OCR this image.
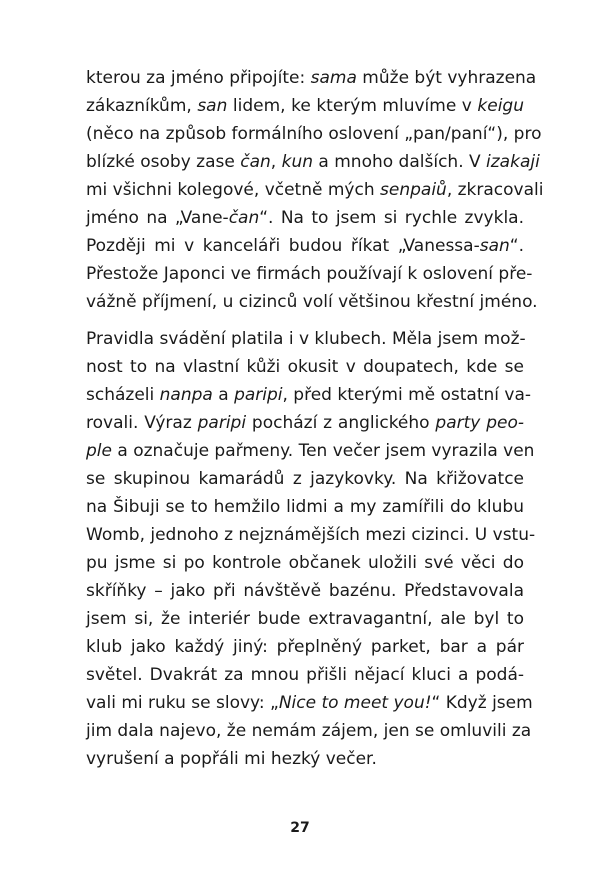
kterou za jméno připojíte: sama může být vyhrazena
zákazníkům, san lidem, ke kterým mluvíme v keigu
(něco na způsob formálního oslovení „pan/paní“), pro
blízké osoby zase čan, kun a mnoho dalších. V izakaji
mi všichni kolegové, včetně mých senpaiů, zkracovali
jméno na „Vane-čan“. Na to jsem si rychle zvykla.
Později mi v kanceláři budou říkat „Vanessa-san“.
Přestože Japonci ve firmách používají k oslovení pře-
vážně příjmení, u cizinců volí většinou křestní jméno.
Pravidla svádění platila i v klubech. Měla jsem mož-
nost to na vlastní kůži okusit v doupatech, kde se
scházeli nanpa a paripi, před kterými mě ostatní va-
rovali. Výraz paripi pochází z anglického party peo-
ple a označuje pařmeny. Ten večer jsem vyrazila ven
se skupinou kamarádů z jazykovky. Na křižovatce
na Šibuji se to hemžilo lidmi a my zamířili do klubu
Womb, jednoho z nejznámějších mezi cizinci. U vstu-
pu jsme si po kontrole občanek uložili své věci do
skříňky – jako při návštěvě bazénu. Představovala
jsem si, že interiér bude extravagantní, ale byl to
klub jako každý jiný: přeplněný parket, bar a pár
světel. Dvakrát za mnou přišli nějací kluci a podá-
vali mi ruku se slovy: „Nice to meet you!“ Když jsem
jim dala najevo, že nemám zájem, jen se omluvili za
vyrušení a popřáli mi hezký večer.
27
